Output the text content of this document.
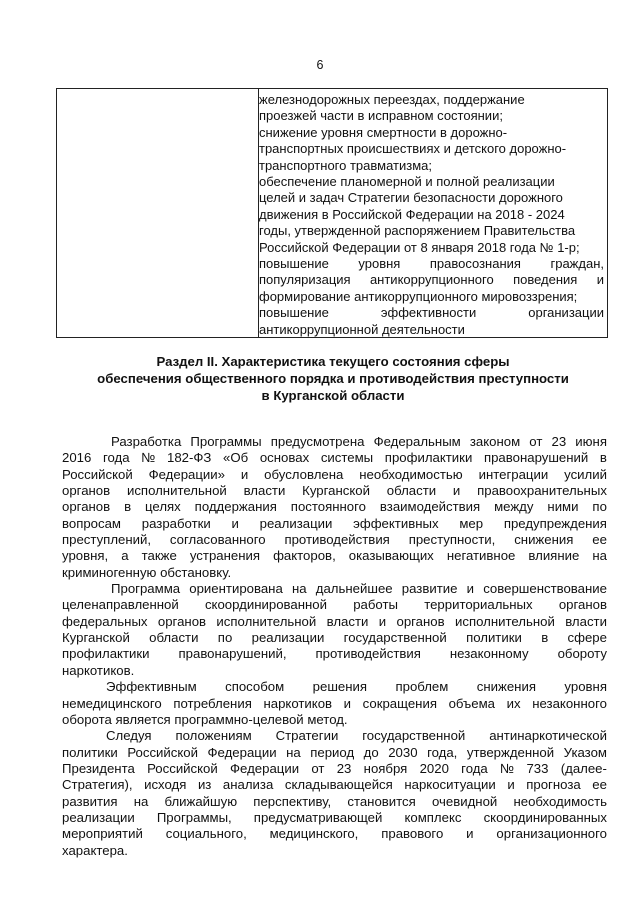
6
железнодорожных переездах, поддержание
проезжей части в исправном состоянии;
снижение уровня смертности в дорожно-
транспортных происшествиях и детского дорожно-
транспортного травматизма;
обеспечение планомерной и полной реализации
целей и задач Стратегии безопасности дорожного
движения в Российской Федерации на 2018 - 2024
годы, утвержденной распоряжением Правительства
Российской Федерации от 8 января 2018 года № 1-р;
повышение уровня правосознания граждан,
популяризация антикоррупционного поведения и
формирование антикоррупционного мировоззрения;
повышение	эффективности	организации
антикоррупционной деятельности
Раздел II. Характеристика текущего состояния сферы
обеспечения общественного порядка и противодействия преступности
в Курганской области
Разработка Программы предусмотрена Федеральным законом от 23 июня
2016 года № 182-ФЗ «Об основах системы профилактики правонарушений в
Российской Федерации» и обусловлена необходимостью интеграции усилий
органов исполнительной власти Курганской области и правоохранительных
органов в целях поддержания постоянного взаимодействия между ними по
вопросам разработки и реализации эффективных мер предупреждения
преступлений, согласованного противодействия преступности, снижения ее
уровня, а также устранения факторов, оказывающих негативное влияние на
криминогенную обстановку.
Программа ориентирована на дальнейшее развитие и совершенствование
целенаправленной скоординированной работы территориальных органов
федеральных органов исполнительной власти и органов исполнительной власти
Курганской области по реализации государственной политики в сфере
профилактики правонарушений, противодействия незаконному обороту
наркотиков.
Эффективным способом решения проблем снижения уровня
немедицинского потребления наркотиков и сокращения объема их незаконного
оборота является программно-целевой метод.
Следуя положениям Стратегии государственной антинаркотической
политики Российской Федерации на период до 2030 года, утвержденной Указом
Президента Российской Федерации от 23 ноября 2020 года № 733 (далее-
Стратегия), исходя из анализа складывающейся наркоситуации и прогноза ее
развития на ближайшую перспективу, становится очевидной необходимость
реализации Программы, предусматривающей комплекс скоординированных
мероприятий социального, медицинского, правового и организационного
характера.
